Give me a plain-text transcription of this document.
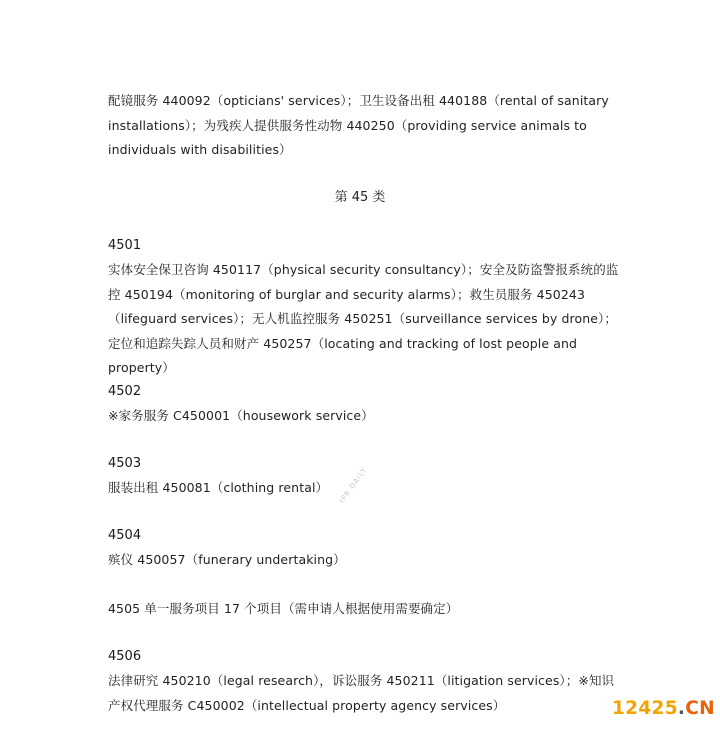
配镜服务 440092（opticians' services）；卫生设备出租 440188（rental of sanitary installations）；为残疾人提供服务性动物 440250（providing service animals to individuals with disabilities）

第 45 类

4501

实体安全保卫咨询 450117（physical security consultancy）；安全及防盗警报系统的监控 450194（monitoring of burglar and security alarms）；救生员服务 450243（lifeguard services）；无人机监控服务 450251（surveillance services by drone）；定位和追踪失踪人员和财产 450257（locating and tracking of lost people and property）

4502

※家务服务 C450001（housework service）

4503

服装出租 450081（clothing rental）

4504

殡仪 450057（funerary undertaking）

4505 单一服务项目 17 个项目（需申请人根据使用需要确定）

4506

法律研究 450210（legal research），诉讼服务 450211（litigation services）；※知识产权代理服务 C450002（intellectual property agency services）

IPR DAILY
12425.CN
